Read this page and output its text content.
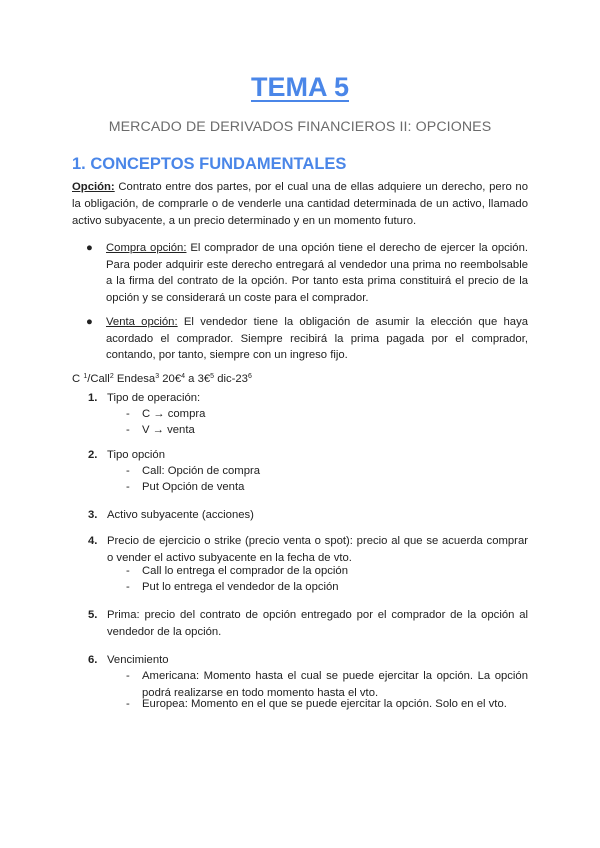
TEMA 5
MERCADO DE DERIVADOS FINANCIEROS II: OPCIONES
1. CONCEPTOS FUNDAMENTALES
Opción: Contrato entre dos partes, por el cual una de ellas adquiere un derecho, pero no la obligación, de comprarle o de venderle una cantidad determinada de un activo, llamado activo subyacente, a un precio determinado y en un momento futuro.
● Compra opción: El comprador de una opción tiene el derecho de ejercer la opción. Para poder adquirir este derecho entregará al vendedor una prima no reembolsable a la firma del contrato de la opción. Por tanto esta prima constituirá el precio de la opción y se considerará un coste para el comprador.
● Venta opción: El vendedor tiene la obligación de asumir la elección que haya acordado el comprador. Siempre recibirá la prima pagada por el comprador, contando, por tanto, siempre con un ingreso fijo.
C $^1$/Call$^2$ Endesa$^3$ 20€$^4$ a 3€$^5$ dic-$23^6$
1. Tipo de operación:
- C → compra
- V → venta
2. Tipo opción
- Call: Opción de compra
- Put Opción de venta
3. Activo subyacente (acciones)
4. Precio de ejercicio o strike (precio venta o spot): precio al que se acuerda comprar o vender el activo subyacente en la fecha de vto.
- Call lo entrega el comprador de la opción
- Put lo entrega el vendedor de la opción
5. Prima: precio del contrato de opción entregado por el comprador de la opción al vendedor de la opción.
6. Vencimiento
- Americana: Momento hasta el cual se puede ejercitar la opción. La opción podrá realizarse en todo momento hasta el vto.
- Europea: Momento en el que se puede ejercitar la opción. Solo en el vto.
